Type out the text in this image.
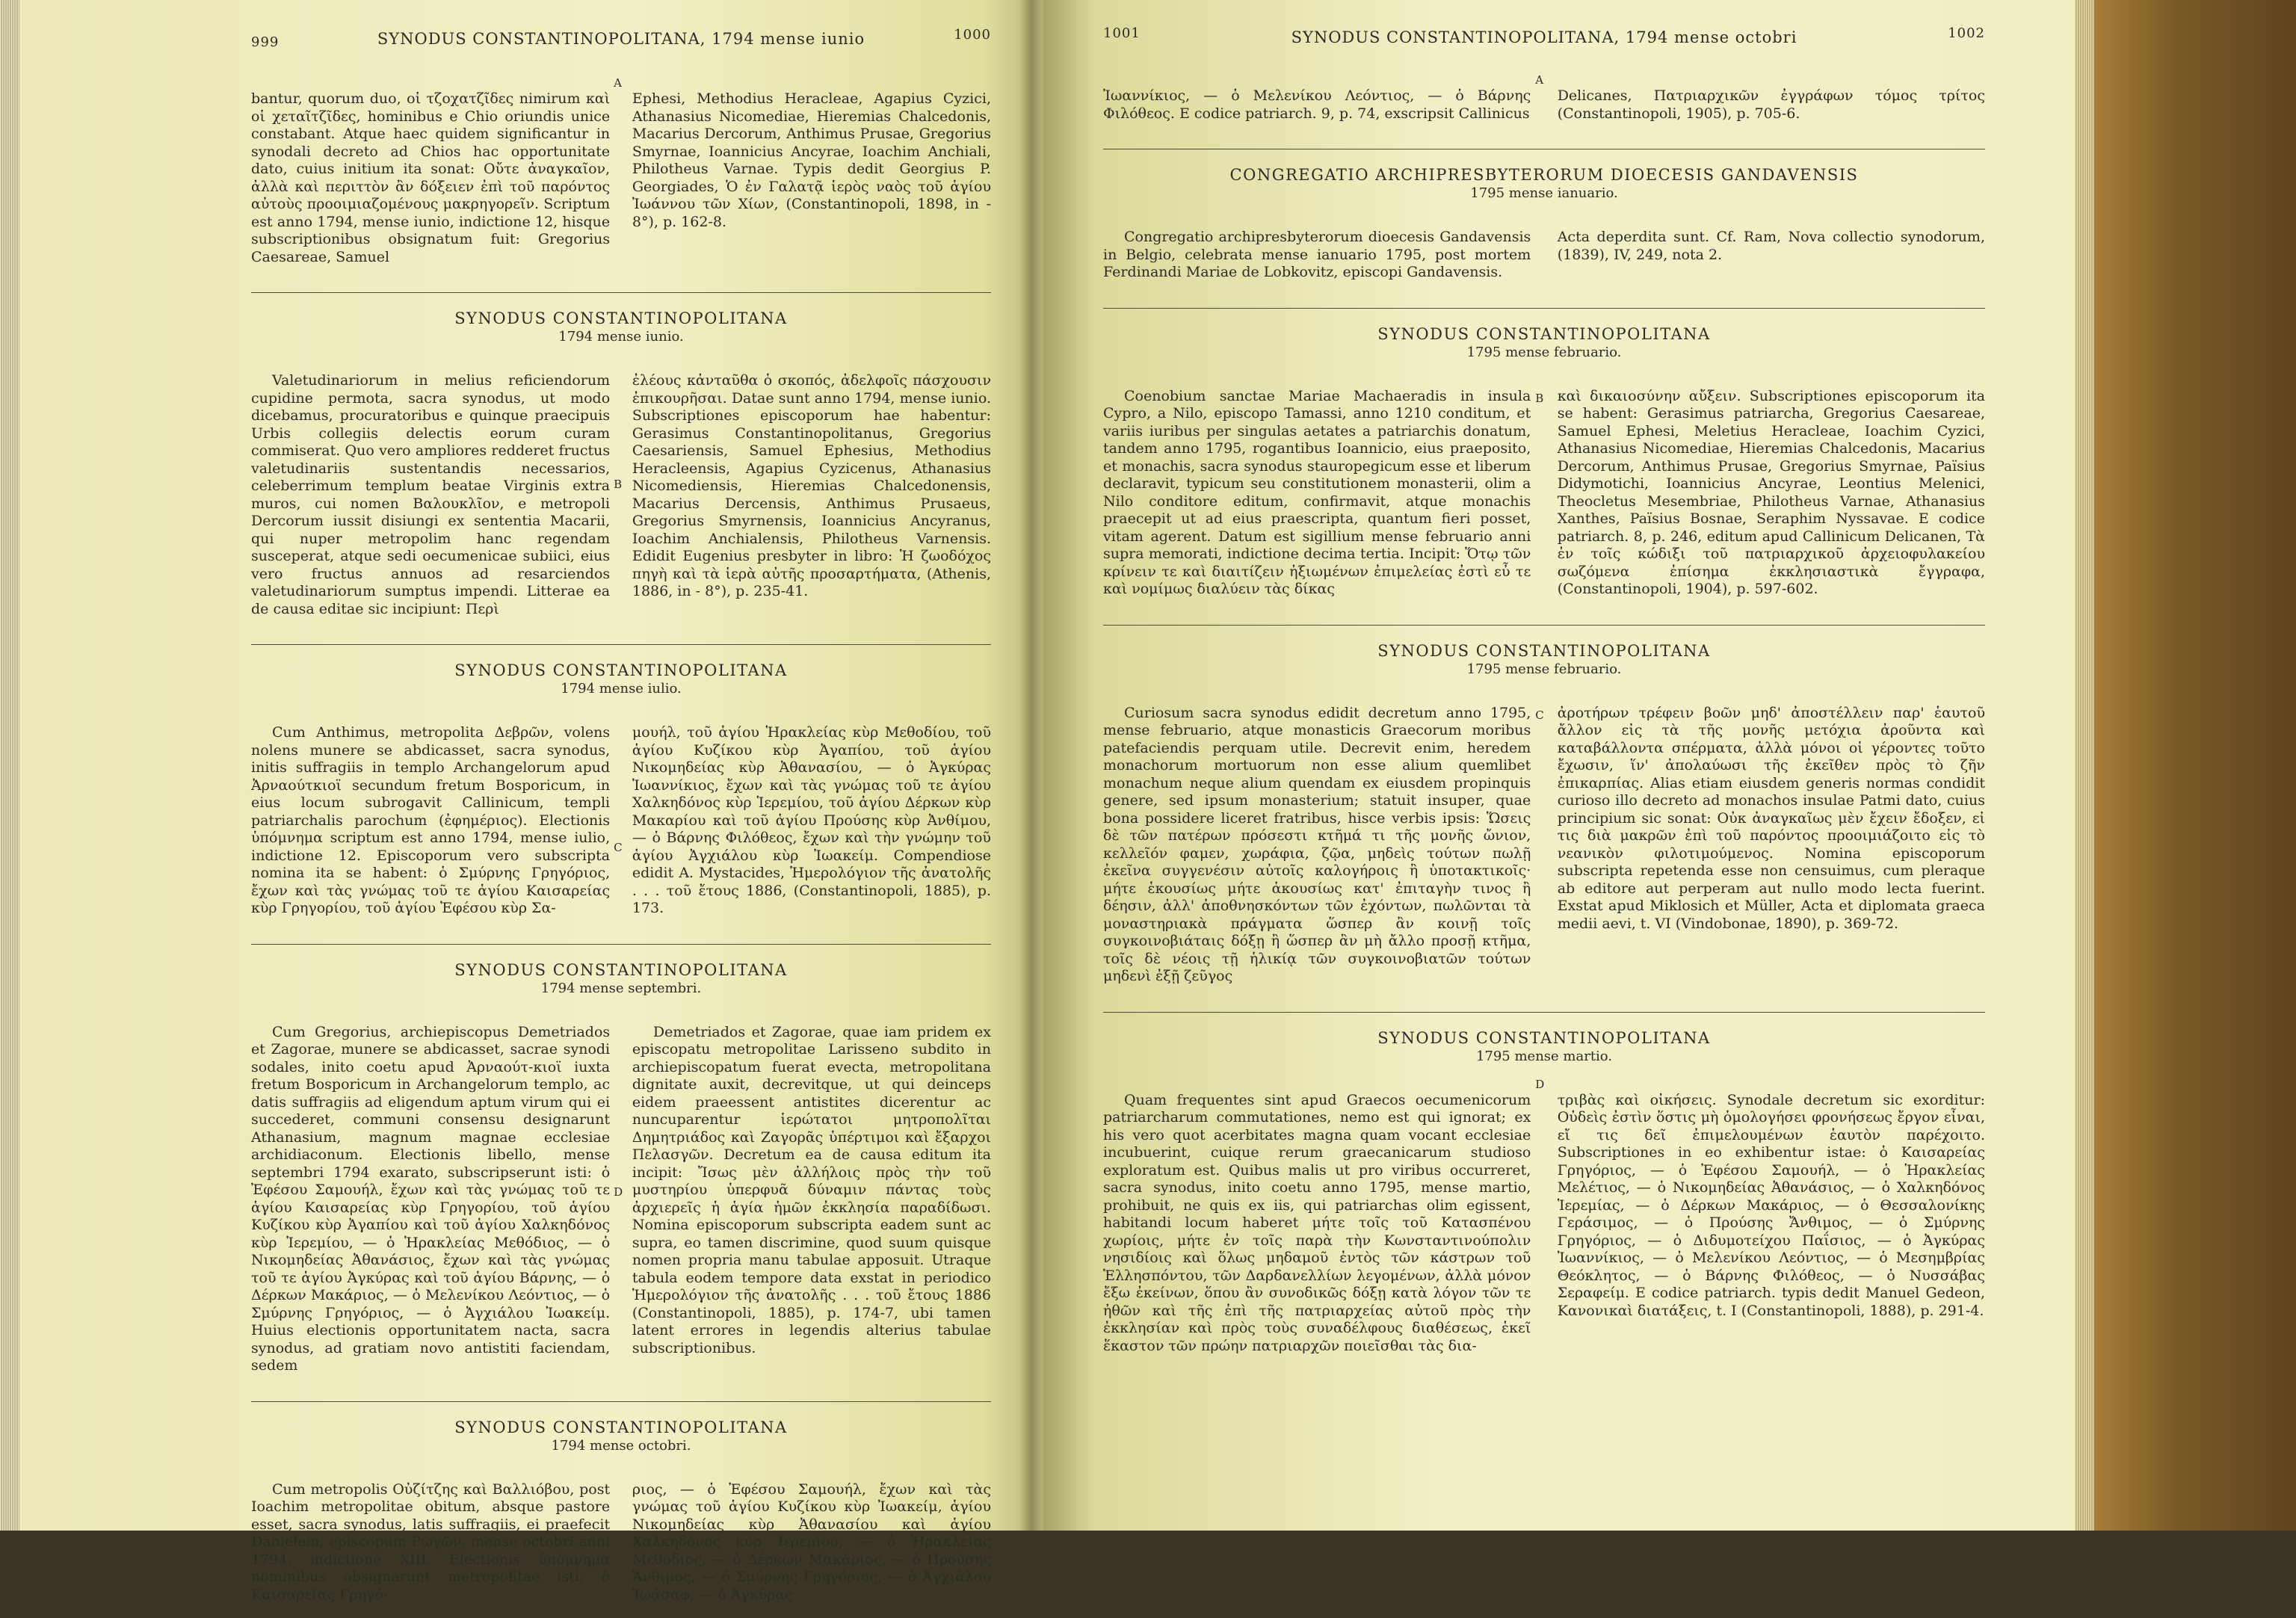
999	SYNODUS CONSTANTINOPOLITANA, 1794 mense iunio	1000

bantur, quorum duo, οἱ τζοχατζῖδες nimirum καὶ οἱ χεταῖτζῖδες, hominibus e Chio oriundis unice constabant. Atque haec quidem significantur in synodali decreto ad Chios hac opportunitate dato, cuius initium ita sonat: Οὔτε ἀναγκαῖον, ἀλλὰ καὶ περιττὸν ἂν δόξειεν ἐπὶ τοῦ παρόντος αὐτοὺς προοιμιαζομένους μακρηγορεῖν. Scriptum est anno 1794, mense iunio, indictione 12, hisque subscriptionibus obsignatum fuit: Gregorius Caesareae, Samuel

A

Ephesi, Methodius Heracleae, Agapius Cyzici, Athanasius Nicomediae, Hieremias Chalcedonis, Macarius Dercorum, Anthimus Prusae, Gregorius Smyrnae, Ioannicius Ancyrae, Ioachim Anchiali, Philotheus Varnae. Typis dedit Georgius P. Georgiades, Ὁ ἐν Γαλατᾷ ἱερὸς ναὸς τοῦ ἁγίου Ἰωάννου τῶν Χίων, (Constantinopoli, 1898, in - 8°), p. 162-8.

SYNODUS CONSTANTINOPOLITANA

1794 mense iunio.

Valetudinariorum in melius reficiendorum cupidine permota, sacra synodus, ut modo dicebamus, procuratoribus e quinque praecipuis Urbis collegiis delectis eorum curam commiserat. Quo vero ampliores redderet fructus valetudinariis sustentandis necessarios, celeberrimum templum beatae Virginis extra muros, cui nomen Βαλουκλῖον, e metropoli Dercorum iussit disiungi ex sententia Macarii, qui nuper metropolim hanc regendam susceperat, atque sedi oecumenicae subiici, eius vero fructus annuos ad resarciendos valetudinariorum sumptus impendi. Litterae ea de causa editae sic incipiunt: Περὶ

B

ἐλέους κἀνταῦθα ὁ σκοπός, ἀδελφοῖς πάσχουσιν ἐπικουρῆσαι. Datae sunt anno 1794, mense iunio. Subscriptiones episcoporum hae habentur: Gerasimus Constantinopolitanus, Gregorius Caesariensis, Samuel Ephesius, Methodius Heracleensis, Agapius Cyzicenus, Athanasius Nicomediensis, Hieremias Chalcedonensis, Macarius Dercensis, Anthimus Prusaeus, Gregorius Smyrnensis, Ioannicius Ancyranus, Ioachim Anchialensis, Philotheus Varnensis. Edidit Eugenius presbyter in libro: Ἡ ζωοδόχος πηγὴ καὶ τὰ ἱερὰ αὐτῆς προσαρτήματα, (Athenis, 1886, in - 8°), p. 235-41.

SYNODUS CONSTANTINOPOLITANA

1794 mense iulio.

Cum Anthimus, metropolita Δεβρῶν, volens nolens munere se abdicasset, sacra synodus, initis suffragiis in templo Archangelorum apud Ἀρναούτκιοϊ secundum fretum Bosporicum, in eius locum subrogavit Callinicum, templi patriarchalis parochum (ἐφημέριος). Electionis ὑπόμνημα scriptum est anno 1794, mense iulio, indictione 12. Episcoporum vero subscripta nomina ita se habent: ὁ Σμύρνης Γρηγόριος, ἔχων καὶ τὰς γνώμας τοῦ τε ἁγίου Καισαρείας κὺρ Γρηγορίου, τοῦ ἁγίου Ἐφέσου κὺρ Σα-

C

μουήλ, τοῦ ἁγίου Ἡρακλείας κὺρ Μεθοδίου, τοῦ ἁγίου Κυζίκου κὺρ Ἀγαπίου, τοῦ ἁγίου Νικομηδείας κὺρ Ἀθανασίου, — ὁ Ἀγκύρας Ἰωαννίκιος, ἔχων καὶ τὰς γνώμας τοῦ τε ἁγίου Χαλκηδόνος κὺρ Ἱερεμίου, τοῦ ἁγίου Δέρκων κὺρ Μακαρίου καὶ τοῦ ἁγίου Προύσης κὺρ Ἀνθίμου, — ὁ Βάρνης Φιλόθεος, ἔχων καὶ τὴν γνώμην τοῦ ἁγίου Ἀγχιάλου κὺρ Ἰωακείμ. Compendiose edidit A. Mystacides, Ἡμερολόγιον τῆς ἀνατολῆς . . . τοῦ ἔτους 1886, (Constantinopoli, 1885), p. 173.

SYNODUS CONSTANTINOPOLITANA

1794 mense septembri.

Cum Gregorius, archiepiscopus Demetriados et Zagorae, munere se abdicasset, sacrae synodi sodales, inito coetu apud Ἀρναούτ-κιοϊ iuxta fretum Bosporicum in Archangelorum templo, ac datis suffragiis ad eligendum aptum virum qui ei succederet, communi consensu designarunt Athanasium, magnum magnae ecclesiae archidiaconum. Electionis libello, mense septembri 1794 exarato, subscripserunt isti: ὁ Ἐφέσου Σαμουήλ, ἔχων καὶ τὰς γνώμας τοῦ τε ἁγίου Καισαρείας κὺρ Γρηγορίου, τοῦ ἁγίου Κυζίκου κὺρ Ἀγαπίου καὶ τοῦ ἁγίου Χαλκηδόνος κὺρ Ἱερεμίου, — ὁ Ἡρακλείας Μεθόδιος, — ὁ Νικομηδείας Ἀθανάσιος, ἔχων καὶ τὰς γνώμας τοῦ τε ἁγίου Ἀγκύρας καὶ τοῦ ἁγίου Βάρνης, — ὁ Δέρκων Μακάριος, — ὁ Μελενίκου Λεόντιος, — ὁ Σμύρνης Γρηγόριος, — ὁ Ἀγχιάλου Ἰωακείμ. Huius electionis opportunitatem nacta, sacra synodus, ad gratiam novo antistiti faciendam, sedem

D

Demetriados et Zagorae, quae iam pridem ex episcopatu metropolitae Larisseno subdito in archiepiscopatum fuerat evecta, metropolitana dignitate auxit, decrevitque, ut qui deinceps eidem praeessent antistites dicerentur ac nuncuparentur ἱερώτατοι μητροπολῖται Δημητριάδος καὶ Ζαγορᾶς ὑπέρτιμοι καὶ ἔξαρχοι Πελασγῶν. Decretum ea de causa editum ita incipit: Ἴσως μὲν ἀλλήλοις πρὸς τὴν τοῦ μυστηρίου ὑπερφυᾶ δύναμιν πάντας τοὺς ἀρχιερεῖς ἡ ἁγία ἡμῶν ἐκκλησία παραδίδωσι. Nomina episcoporum subscripta eadem sunt ac supra, eo tamen discrimine, quod suum quisque nomen propria manu tabulae apposuit. Utraque tabula eodem tempore data exstat in periodico Ἡμερολόγιον τῆς ἀνατολῆς . . . τοῦ ἔτους 1886 (Constantinopoli, 1885), p. 174-7, ubi tamen latent errores in legendis alterius tabulae subscriptionibus.

SYNODUS CONSTANTINOPOLITANA

1794 mense octobri.

Cum metropolis Οὐζίτζης καὶ Βαλλιόβου, post Ioachim metropolitae obitum, absque pastore esset, sacra synodus, latis suffragiis, ei praefecit Danielem, episcopum Ρωγῶν, mense octobri anni 1794, indictione XIII. Electionis ὑπόμνημα nominibus obsignarunt metropolitae isti: ὁ Καισαρείας Γρηγό-

ριος, — ὁ Ἐφέσου Σαμουήλ, ἔχων καὶ τὰς γνώμας τοῦ ἁγίου Κυζίκου κὺρ Ἰωακείμ, ἁγίου Νικομηδείας κὺρ Ἀθανασίου καὶ ἁγίου Χαλκηδόνος κὺρ Ἱερεμίου, — ὁ Ἡρακλείας Μεθόδιος, — ὁ Δέρκων Μακάριος, — ὁ Προύσης Ἄνθιμος, — ὁ Σμύρνης Γρηγόριος, — ὁ Ἀγχιάλου Ἰωάσαφ, — ὁ Ἀγκύρας

1001	SYNODUS CONSTANTINOPOLITANA, 1794 mense octobri	1002

Ἰωαννίκιος, — ὁ Μελενίκου Λεόντιος, — ὁ Βάρνης Φιλόθεος. E codice patriarch. 9, p. 74, exscripsit Callinicus

A

Delicanes, Πατριαρχικῶν ἐγγράφων τόμος τρίτος (Constantinopoli, 1905), p. 705-6.

CONGREGATIO ARCHIPRESBYTERORUM DIOECESIS GANDAVENSIS

1795 mense ianuario.

Congregatio archipresbyterorum dioecesis Gandavensis in Belgio, celebrata mense ianuario 1795, post mortem Ferdinandi Mariae de Lobkovitz, episcopi Gandavensis.

Acta deperdita sunt. Cf. Ram, Nova collectio synodorum, (1839), IV, 249, nota 2.

SYNODUS CONSTANTINOPOLITANA

1795 mense februario.

Coenobium sanctae Mariae Machaeradis in insula Cypro, a Nilo, episcopo Tamassi, anno 1210 conditum, et variis iuribus per singulas aetates a patriarchis donatum, tandem anno 1795, rogantibus Ioannicio, eius praeposito, et monachis, sacra synodus stauropegicum esse et liberum declaravit, typicum seu constitutionem monasterii, olim a Nilo conditore editum, confirmavit, atque monachis praecepit ut ad eius praescripta, quantum fieri posset, vitam agerent. Datum est sigillium mense februario anni supra memorati, indictione decima tertia. Incipit: Ὅτῳ τῶν κρίνειν τε καὶ διαιτίζειν ἠξιωμένων ἐπιμελείας ἐστὶ εὖ τε καὶ νομίμως διαλύειν τὰς δίκας

B καὶ δικαιοσύνην αὔξειν. Subscriptiones episcoporum ita se habent: Gerasimus patriarcha, Gregorius Caesareae, Samuel Ephesi, Meletius Heracleae, Ioachim Cyzici, Athanasius Nicomediae, Hieremias Chalcedonis, Macarius Dercorum, Anthimus Prusae, Gregorius Smyrnae, Païsius Didymotichi, Ioannicius Ancyrae, Leontius Melenici, Theocletus Mesembriae, Philotheus Varnae, Athanasius Xanthes, Païsius Bosnae, Seraphim Nyssavae. E codice patriarch. 8, p. 246, editum apud Callinicum Delicanen, Τὰ ἐν τοῖς κώδιξι τοῦ πατριαρχικοῦ ἀρχειοφυλακείου σωζόμενα ἐπίσημα ἐκκλησιαστικὰ ἔγγραφα, (Constantinopoli, 1904), p. 597-602.

SYNODUS CONSTANTINOPOLITANA

1795 mense februario.

Curiosum sacra synodus edidit decretum anno 1795, mense februario, atque monasticis Graecorum moribus patefaciendis perquam utile. Decrevit enim, heredem monachorum mortuorum non esse alium quemlibet monachum neque alium quendam ex eiusdem propinquis genere, sed ipsum monasterium; statuit insuper, quae bona possidere liceret fratribus, hisce verbis ipsis: Ὥσεις δὲ τῶν πατέρων πρόσεστι κτῆμά τι τῆς μονῆς ὤνιον, κελλεῖόν φαμεν, χωράφια, ζῷα, μηδεὶς τούτων πωλῇ ἐκεῖνα συγγενέσιν αὐτοῖς καλογήροις ἢ ὑποτακτικοῖς· μήτε ἑκουσίως μήτε ἀκουσίως κατ' ἐπιταγὴν τινος ἢ δέησιν, ἀλλ' ἀποθνησκόντων τῶν ἐχόντων, πωλῶνται τὰ μοναστηριακὰ πράγματα ὥσπερ ἂν κοινῇ τοῖς συγκοινοβιάταις δόξῃ ἢ ὥσπερ ἂν μὴ ἄλλο προσῇ κτῆμα, τοῖς δὲ νέοις τῇ ἡλικίᾳ τῶν συγκοινοβιατῶν τούτων μηδενὶ ἐξῇ ζεῦγος

C ἀροτήρων τρέφειν βοῶν μηδ' ἀποστέλλειν παρ' ἑαυτοῦ ἄλλον εἰς τὰ τῆς μονῆς μετόχια ἀροῦντα καὶ καταβάλλοντα σπέρματα, ἀλλὰ μόνοι οἱ γέροντες τοῦτο ἔχωσιν, ἵν' ἀπολαύωσι τῆς ἐκεῖθεν πρὸς τὸ ζῆν ἐπικαρπίας. Alias etiam eiusdem generis normas condidit curioso illo decreto ad monachos insulae Patmi dato, cuius principium sic sonat: Οὐκ ἀναγκαῖως μὲν ἔχειν ἔδοξεν, εἰ τις διὰ μακρῶν ἐπὶ τοῦ παρόντος προοιμιάζοιτο εἰς τὸ νεανικὸν φιλοτιμούμενος. Nomina episcoporum subscripta repetenda esse non censuimus, cum pleraque ab editore aut perperam aut nullo modo lecta fuerint. Exstat apud Miklosich et Müller, Acta et diplomata graeca medii aevi, t. VI (Vindobonae, 1890), p. 369-72.

SYNODUS CONSTANTINOPOLITANA

1795 mense martio.

Quam frequentes sint apud Graecos oecumenicorum patriarcharum commutationes, nemo est qui ignorat; ex his vero quot acerbitates magna quam vocant ecclesiae incubuerint, cuique rerum graecanicarum studioso exploratum est. Quibus malis ut pro viribus occurreret, sacra synodus, inito coetu anno 1795, mense martio, prohibuit, ne quis ex iis, qui patriarchas olim egissent, habitandi locum haberet μήτε τοῖς τοῦ Κατασπένου χωρίοις, μήτε ἐν τοῖς παρὰ τὴν Κωνσταντινούπολιν νησιδίοις καὶ ὅλως μηδαμοῦ ἐντὸς τῶν κάστρων τοῦ Ἑλλησπόντου, τῶν Δαρδανελλίων λεγομένων, ἀλλὰ μόνον ἔξω ἐκείνων, ὅπου ἂν συνοδικῶς δόξῃ κατὰ λόγον τῶν τε ἠθῶν καὶ τῆς ἐπὶ τῆς πατριαρχείας αὐτοῦ πρὸς τὴν ἐκκλησίαν καὶ πρὸς τοὺς συναδέλφους διαθέσεως, ἑκεῖ ἕκαστον τῶν πρώην πατριαρχῶν ποιεῖσθαι τὰς δια-

D

τριβὰς καὶ οἰκήσεις. Synodale decretum sic exorditur: Οὐδεὶς ἐστὶν ὅστις μὴ ὁμολογήσει φρονήσεως ἔργον εἶναι, εἴ τις δεῖ ἐπιμελουμένων ἑαυτὸν παρέχοιτο. Subscriptiones in eo exhibentur istae: ὁ Καισαρείας Γρηγόριος, — ὁ Ἐφέσου Σαμουήλ, — ὁ Ἡρακλείας Μελέτιος, — ὁ Νικομηδείας Ἀθανάσιος, — ὁ Χαλκηδόνος Ἱερεμίας, — ὁ Δέρκων Μακάριος, — ὁ Θεσσαλονίκης Γεράσιμος, — ὁ Προύσης Ἄνθιμος, — ὁ Σμύρνης Γρηγόριος, — ὁ Διδυμοτείχου Παΐσιος, — ὁ Ἀγκύρας Ἰωαννίκιος, — ὁ Μελενίκου Λεόντιος, — ὁ Μεσημβρίας Θεόκλητος, — ὁ Βάρνης Φιλόθεος, — ὁ Νυσσάβας Σεραφείμ. E codice patriarch. typis dedit Manuel Gedeon, Κανονικαὶ διατάξεις, t. I (Constantinopoli, 1888), p. 291-4.
